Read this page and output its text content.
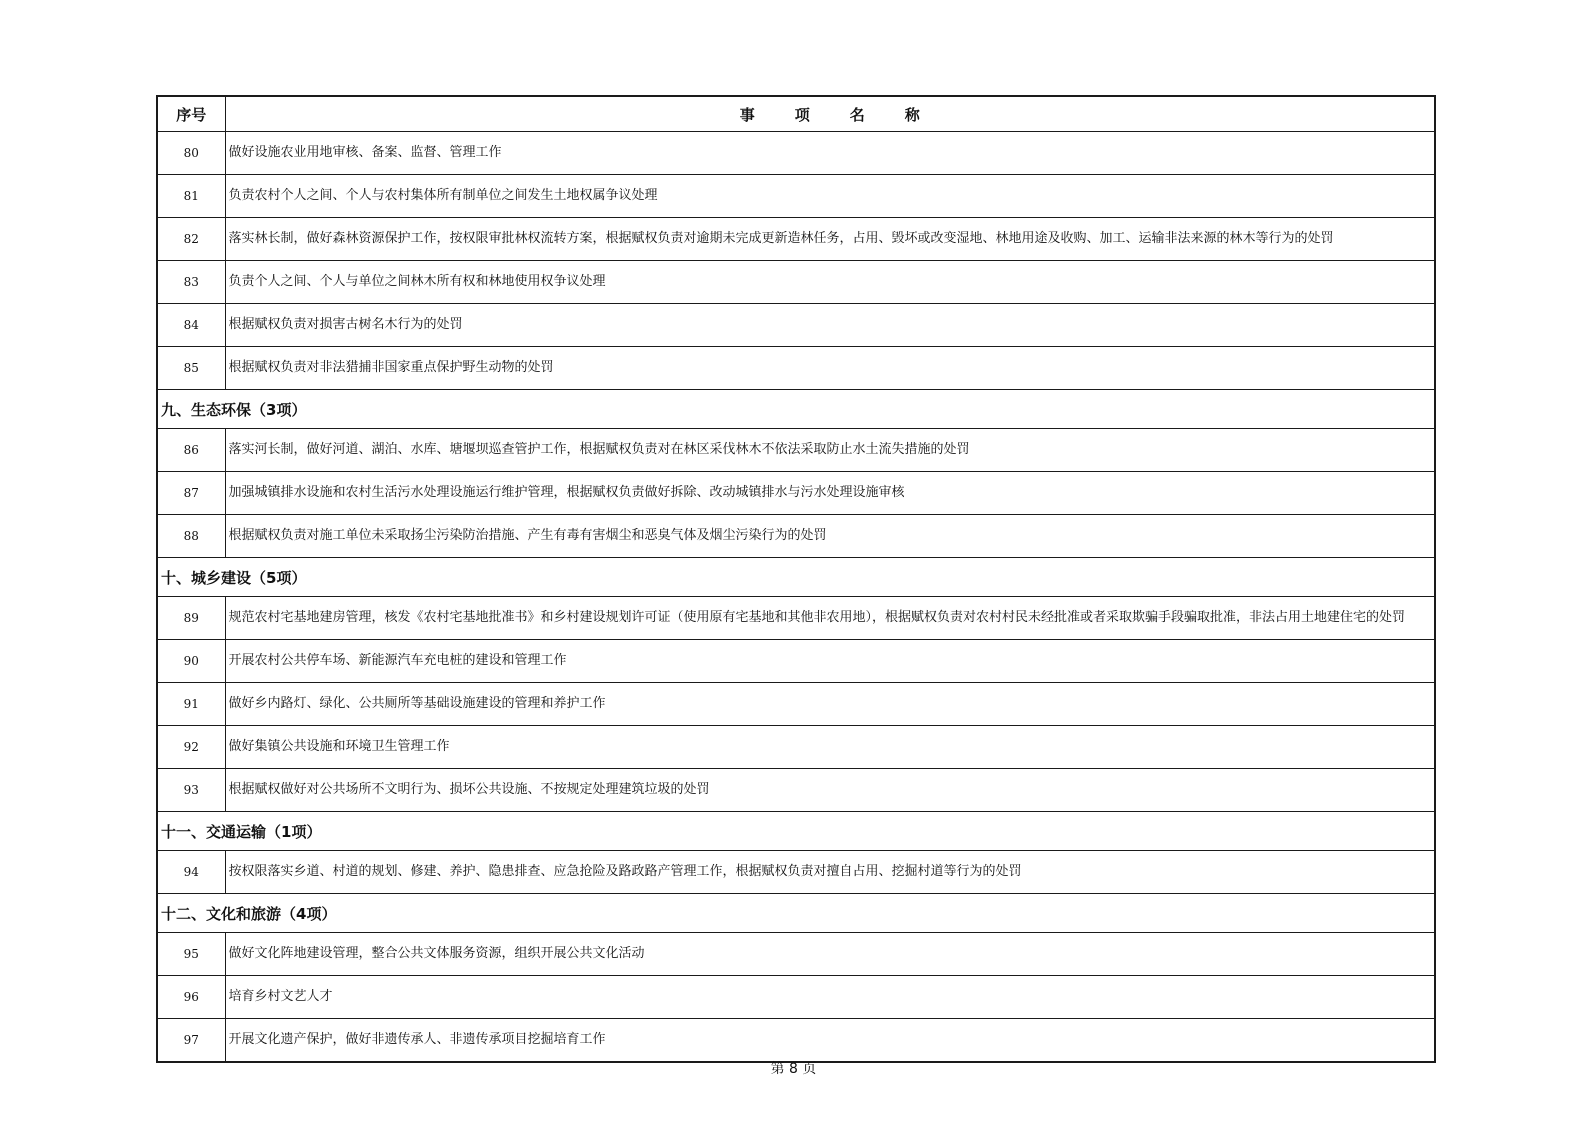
序号	事项名称
80	做好设施农业用地审核、备案、监督、管理工作
81	负责农村个人之间、个人与农村集体所有制单位之间发生土地权属争议处理
82	落实林长制，做好森林资源保护工作，按权限审批林权流转方案，根据赋权负责对逾期未完成更新造林任务，占用、毁坏或改变湿地、林地用途及收购、加工、运输非法来源的林木等行为的处罚
83	负责个人之间、个人与单位之间林木所有权和林地使用权争议处理
84	根据赋权负责对损害古树名木行为的处罚
85	根据赋权负责对非法猎捕非国家重点保护野生动物的处罚
九、生态环保（3项）	
86	落实河长制，做好河道、湖泊、水库、塘堰坝巡查管护工作，根据赋权负责对在林区采伐林木不依法采取防止水土流失措施的处罚
87	加强城镇排水设施和农村生活污水处理设施运行维护管理，根据赋权负责做好拆除、改动城镇排水与污水处理设施审核
88	根据赋权负责对施工单位未采取扬尘污染防治措施、产生有毒有害烟尘和恶臭气体及烟尘污染行为的处罚
十、城乡建设（5项）	
89	规范农村宅基地建房管理，核发《农村宅基地批准书》和乡村建设规划许可证（使用原有宅基地和其他非农用地），根据赋权负责对农村村民未经批准或者采取欺骗手段骗取批准，非法占用土地建住宅的处罚
90	开展农村公共停车场、新能源汽车充电桩的建设和管理工作
91	做好乡内路灯、绿化、公共厕所等基础设施建设的管理和养护工作
92	做好集镇公共设施和环境卫生管理工作
93	根据赋权做好对公共场所不文明行为、损坏公共设施、不按规定处理建筑垃圾的处罚
十一、交通运输（1项）	
94	按权限落实乡道、村道的规划、修建、养护、隐患排查、应急抢险及路政路产管理工作，根据赋权负责对擅自占用、挖掘村道等行为的处罚
十二、文化和旅游（4项）	
95	做好文化阵地建设管理，整合公共文体服务资源，组织开展公共文化活动
96	培育乡村文艺人才
97	开展文化遗产保护，做好非遗传承人、非遗传承项目挖掘培育工作
第 8 页
